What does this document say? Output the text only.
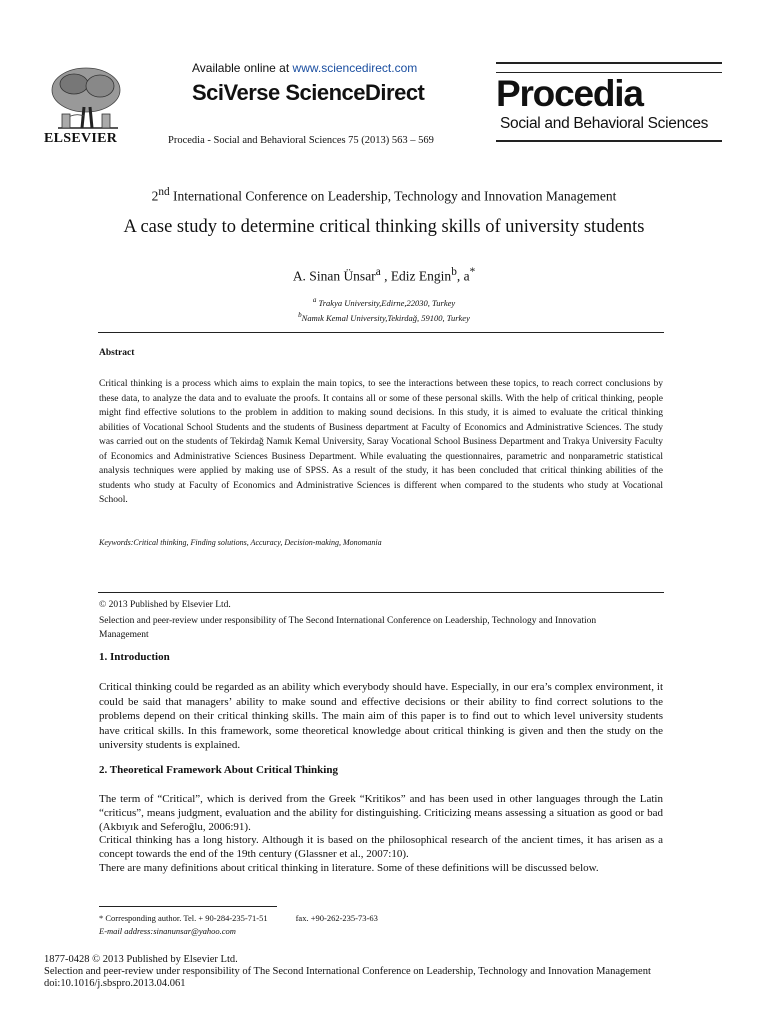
ELSEVIER
Available online at www.sciencedirect.com
SciVerse ScienceDirect
Procedia - Social and Behavioral Sciences 75 (2013) 563 – 569
Procedia
Social and Behavioral Sciences
2nd International Conference on Leadership, Technology and Innovation Management
A case study to determine critical thinking skills of university students
A. Sinan Ünsar$^a$ , Ediz Engin$^b$, a*
$^a$ Trakya University,Edirne,22030, Turkey
$^b$Namık Kemal University,Tekirdağ, 59100, Turkey
Abstract
Critical thinking is a process which aims to explain the main topics, to see the interactions between these topics, to reach correct conclusions by these data, to analyze the data and to evaluate the proofs. It contains all or some of these personal skills. With the help of critical thinking, people might find effective solutions to the problem in addition to making sound decisions. In this study, it is aimed to evaluate the critical thinking abilities of Vocational School Students and the students of Business department at Faculty of Economics and Administrative Sciences. The study was carried out on the students of Tekirdağ Namık Kemal University, Saray Vocational School Business Department and Trakya University Faculty of Economics and Administrative Sciences Business Department. While evaluating the questionnaires, parametric and nonparametric statistical analysis techniques were applied by making use of SPSS. As a result of the study, it has been concluded that critical thinking abilities of the students who study at Faculty of Economics and Administrative Sciences is different when compared to the students who study at Vocational School.
Keywords:Critical thinking, Finding solutions, Accuracy, Decision-making, Monomania
© 2013 Published by Elsevier Ltd.
Selection and peer-review under responsibility of The Second International Conference on Leadership, Technology and Innovation Management
1. Introduction
Critical thinking could be regarded as an ability which everybody should have. Especially, in our era’s complex environment, it could be said that managers’ ability to make sound and effective decisions or their ability to find correct solutions to the problems depend on their critical thinking skills. The main aim of this paper is to find out to which level university students have critical skills. In this framework, some theoretical knowledge about critical thinking is given and then the study on the university students is explained.
2. Theoretical Framework About Critical Thinking

The term of “Critical”, which is derived from the Greek “Kritikos” and has been used in other languages through the Latin “criticus”, means judgment, evaluation and the ability for distinguishing. Criticizing means assessing a situation as good or bad (Akbıyık and Seferoğlu, 2006:91).

Critical thinking has a long history. Although it is based on the philosophical research of the ancient times, it has arisen as a concept towards the end of the 19th century (Glassner et al., 2007:10).

There are many definitions about critical thinking in literature. Some of these definitions will be discussed below.

* Corresponding author. Tel. + 90-284-235-71-51	fax. +90-262-235-73-63
E-mail address:sinanunsar@yahoo.com
1877-0428 © 2013 Published by Elsevier Ltd.
Selection and peer-review under responsibility of The Second International Conference on Leadership, Technology and Innovation Management
doi:10.1016/j.sbspro.2013.04.061
